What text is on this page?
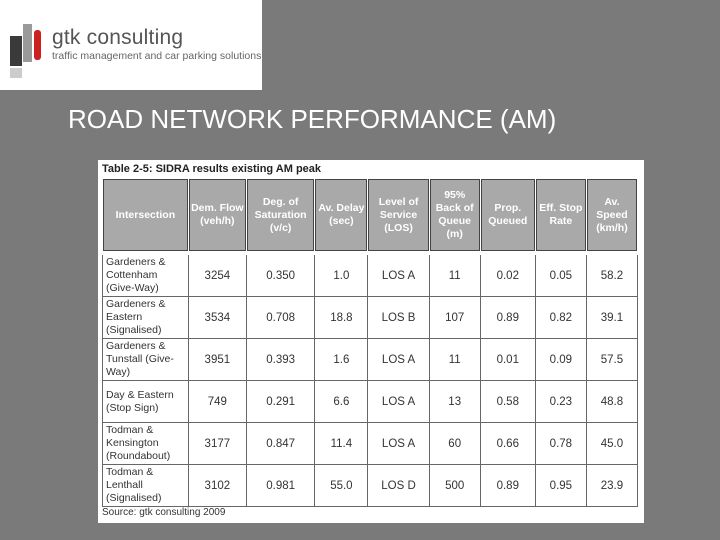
gtk consulting
traffic management and car parking solutions
ROAD NETWORK PERFORMANCE (AM)
Table 2-5: SIDRA results existing AM peak
Intersection	Dem. Flow (veh/h)	Deg. of Saturation (v/c)	Av. Delay (sec)	Level of Service (LOS)	95% Back of Queue (m)	Prop. Queued	Eff. Stop Rate	Av. Speed (km/h)
Gardeners & Cottenham (Give-Way)	3254	0.350	1.0	LOS A	11	0.02	0.05	58.2
Gardeners & Eastern (Signalised)	3534	0.708	18.8	LOS B	107	0.89	0.82	39.1
Gardeners & Tunstall (Give-Way)	3951	0.393	1.6	LOS A	11	0.01	0.09	57.5
Day & Eastern (Stop Sign)	749	0.291	6.6	LOS A	13	0.58	0.23	48.8
Todman & Kensington (Roundabout)	3177	0.847	11.4	LOS A	60	0.66	0.78	45.0
Todman & Lenthall (Signalised)	3102	0.981	55.0	LOS D	500	0.89	0.95	23.9
Source: gtk consulting 2009
